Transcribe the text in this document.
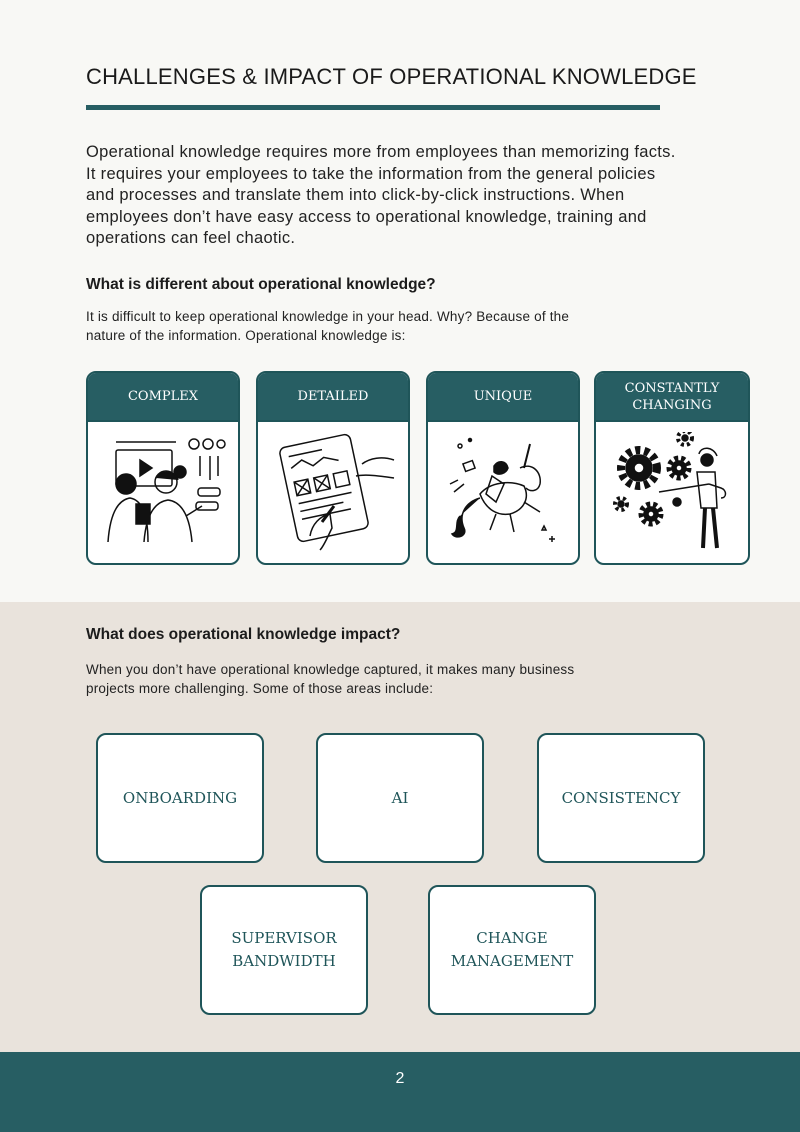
CHALLENGES & IMPACT OF OPERATIONAL KNOWLEDGE

Operational knowledge requires more from employees than memorizing facts.
It requires your employees to take the information from the general policies
and processes and translate them into click-by-click instructions. When
employees don’t have easy access to operational knowledge, training and
operations can feel chaotic.

What is different about operational knowledge?

It is difficult to keep operational knowledge in your head. Why? Because of the
nature of the information. Operational knowledge is:

COMPLEX	DETAILED	UNIQUE
CONSTANTLY
CHANGING
What does operational knowledge impact?

When you don’t have operational knowledge captured, it makes many business
projects more challenging. Some of those areas include:

ONBOARDING	AI	CONSISTENCY
SUPERVISOR
BANDWIDTH
CHANGE
MANAGEMENT
2
